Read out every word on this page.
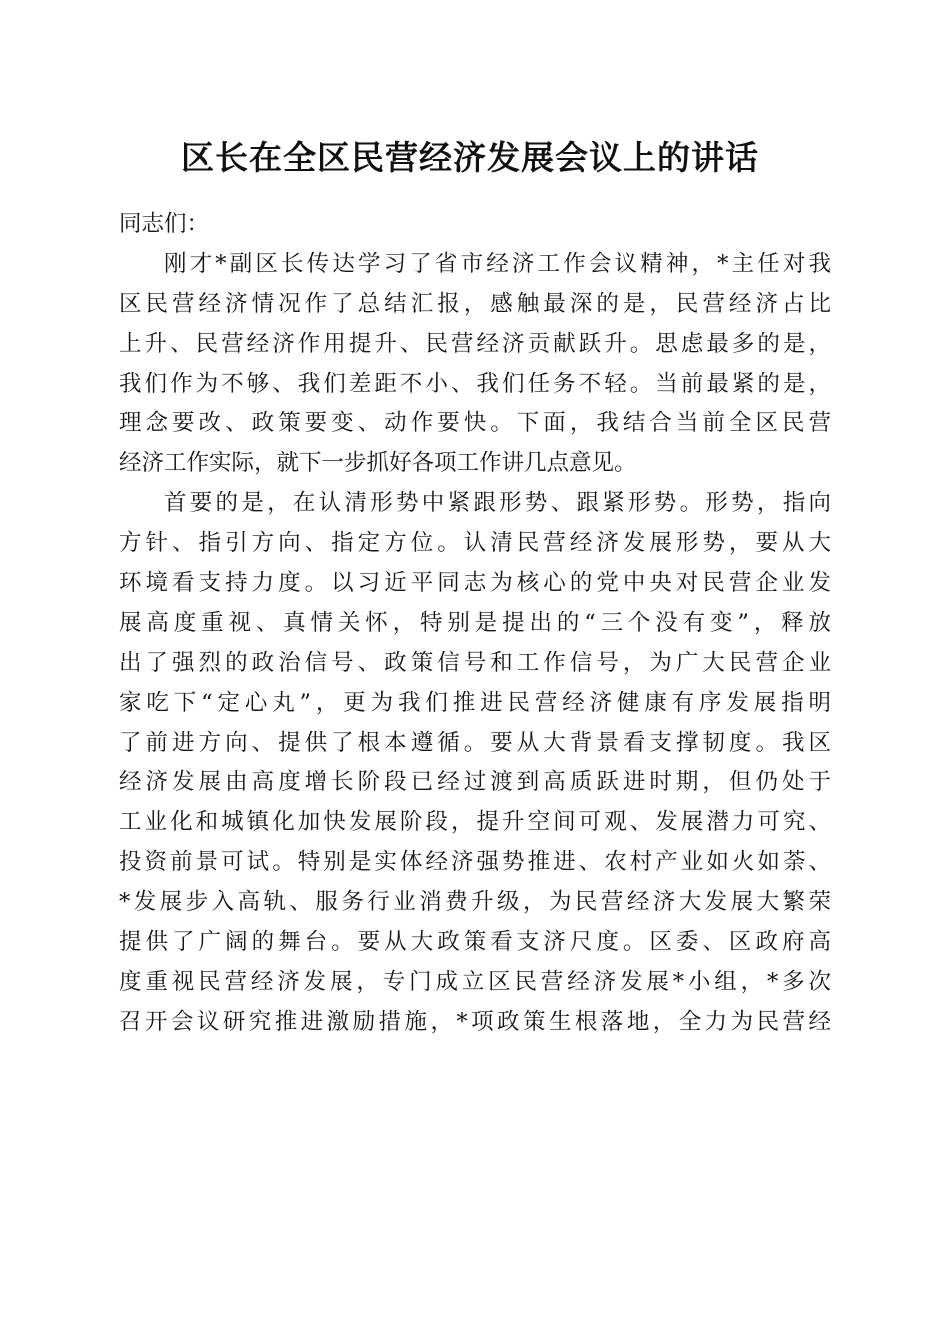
区长在全区民营经济发展会议上的讲话
同志们：
刚才*副区长传达学习了省市经济工作会议精神，*主任对我
区民营经济情况作了总结汇报，感触最深的是，民营经济占比
上升、民营经济作用提升、民营经济贡献跃升。思虑最多的是，
我们作为不够、我们差距不小、我们任务不轻。当前最紧的是，
理念要改、政策要变、动作要快。下面，我结合当前全区民营
经济工作实际，就下一步抓好各项工作讲几点意见。
首要的是，在认清形势中紧跟形势、跟紧形势。形势，指向
方针、指引方向、指定方位。认清民营经济发展形势，要从大
环境看支持力度。以习近平同志为核心的党中央对民营企业发
展高度重视、真情关怀，特别是提出的“三个没有变”，释放
出了强烈的政治信号、政策信号和工作信号，为广大民营企业
家吃下“定心丸”，更为我们推进民营经济健康有序发展指明
了前进方向、提供了根本遵循。要从大背景看支撑韧度。我区
经济发展由高度增长阶段已经过渡到高质跃进时期，但仍处于
工业化和城镇化加快发展阶段，提升空间可观、发展潜力可究、
投资前景可试。特别是实体经济强势推进、农村产业如火如荼、
*发展步入高轨、服务行业消费升级，为民营经济大发展大繁荣
提供了广阔的舞台。要从大政策看支济尺度。区委、区政府高
度重视民营经济发展，专门成立区民营经济发展*小组，*多次
召开会议研究推进激励措施，*项政策生根落地，全力为民营经
